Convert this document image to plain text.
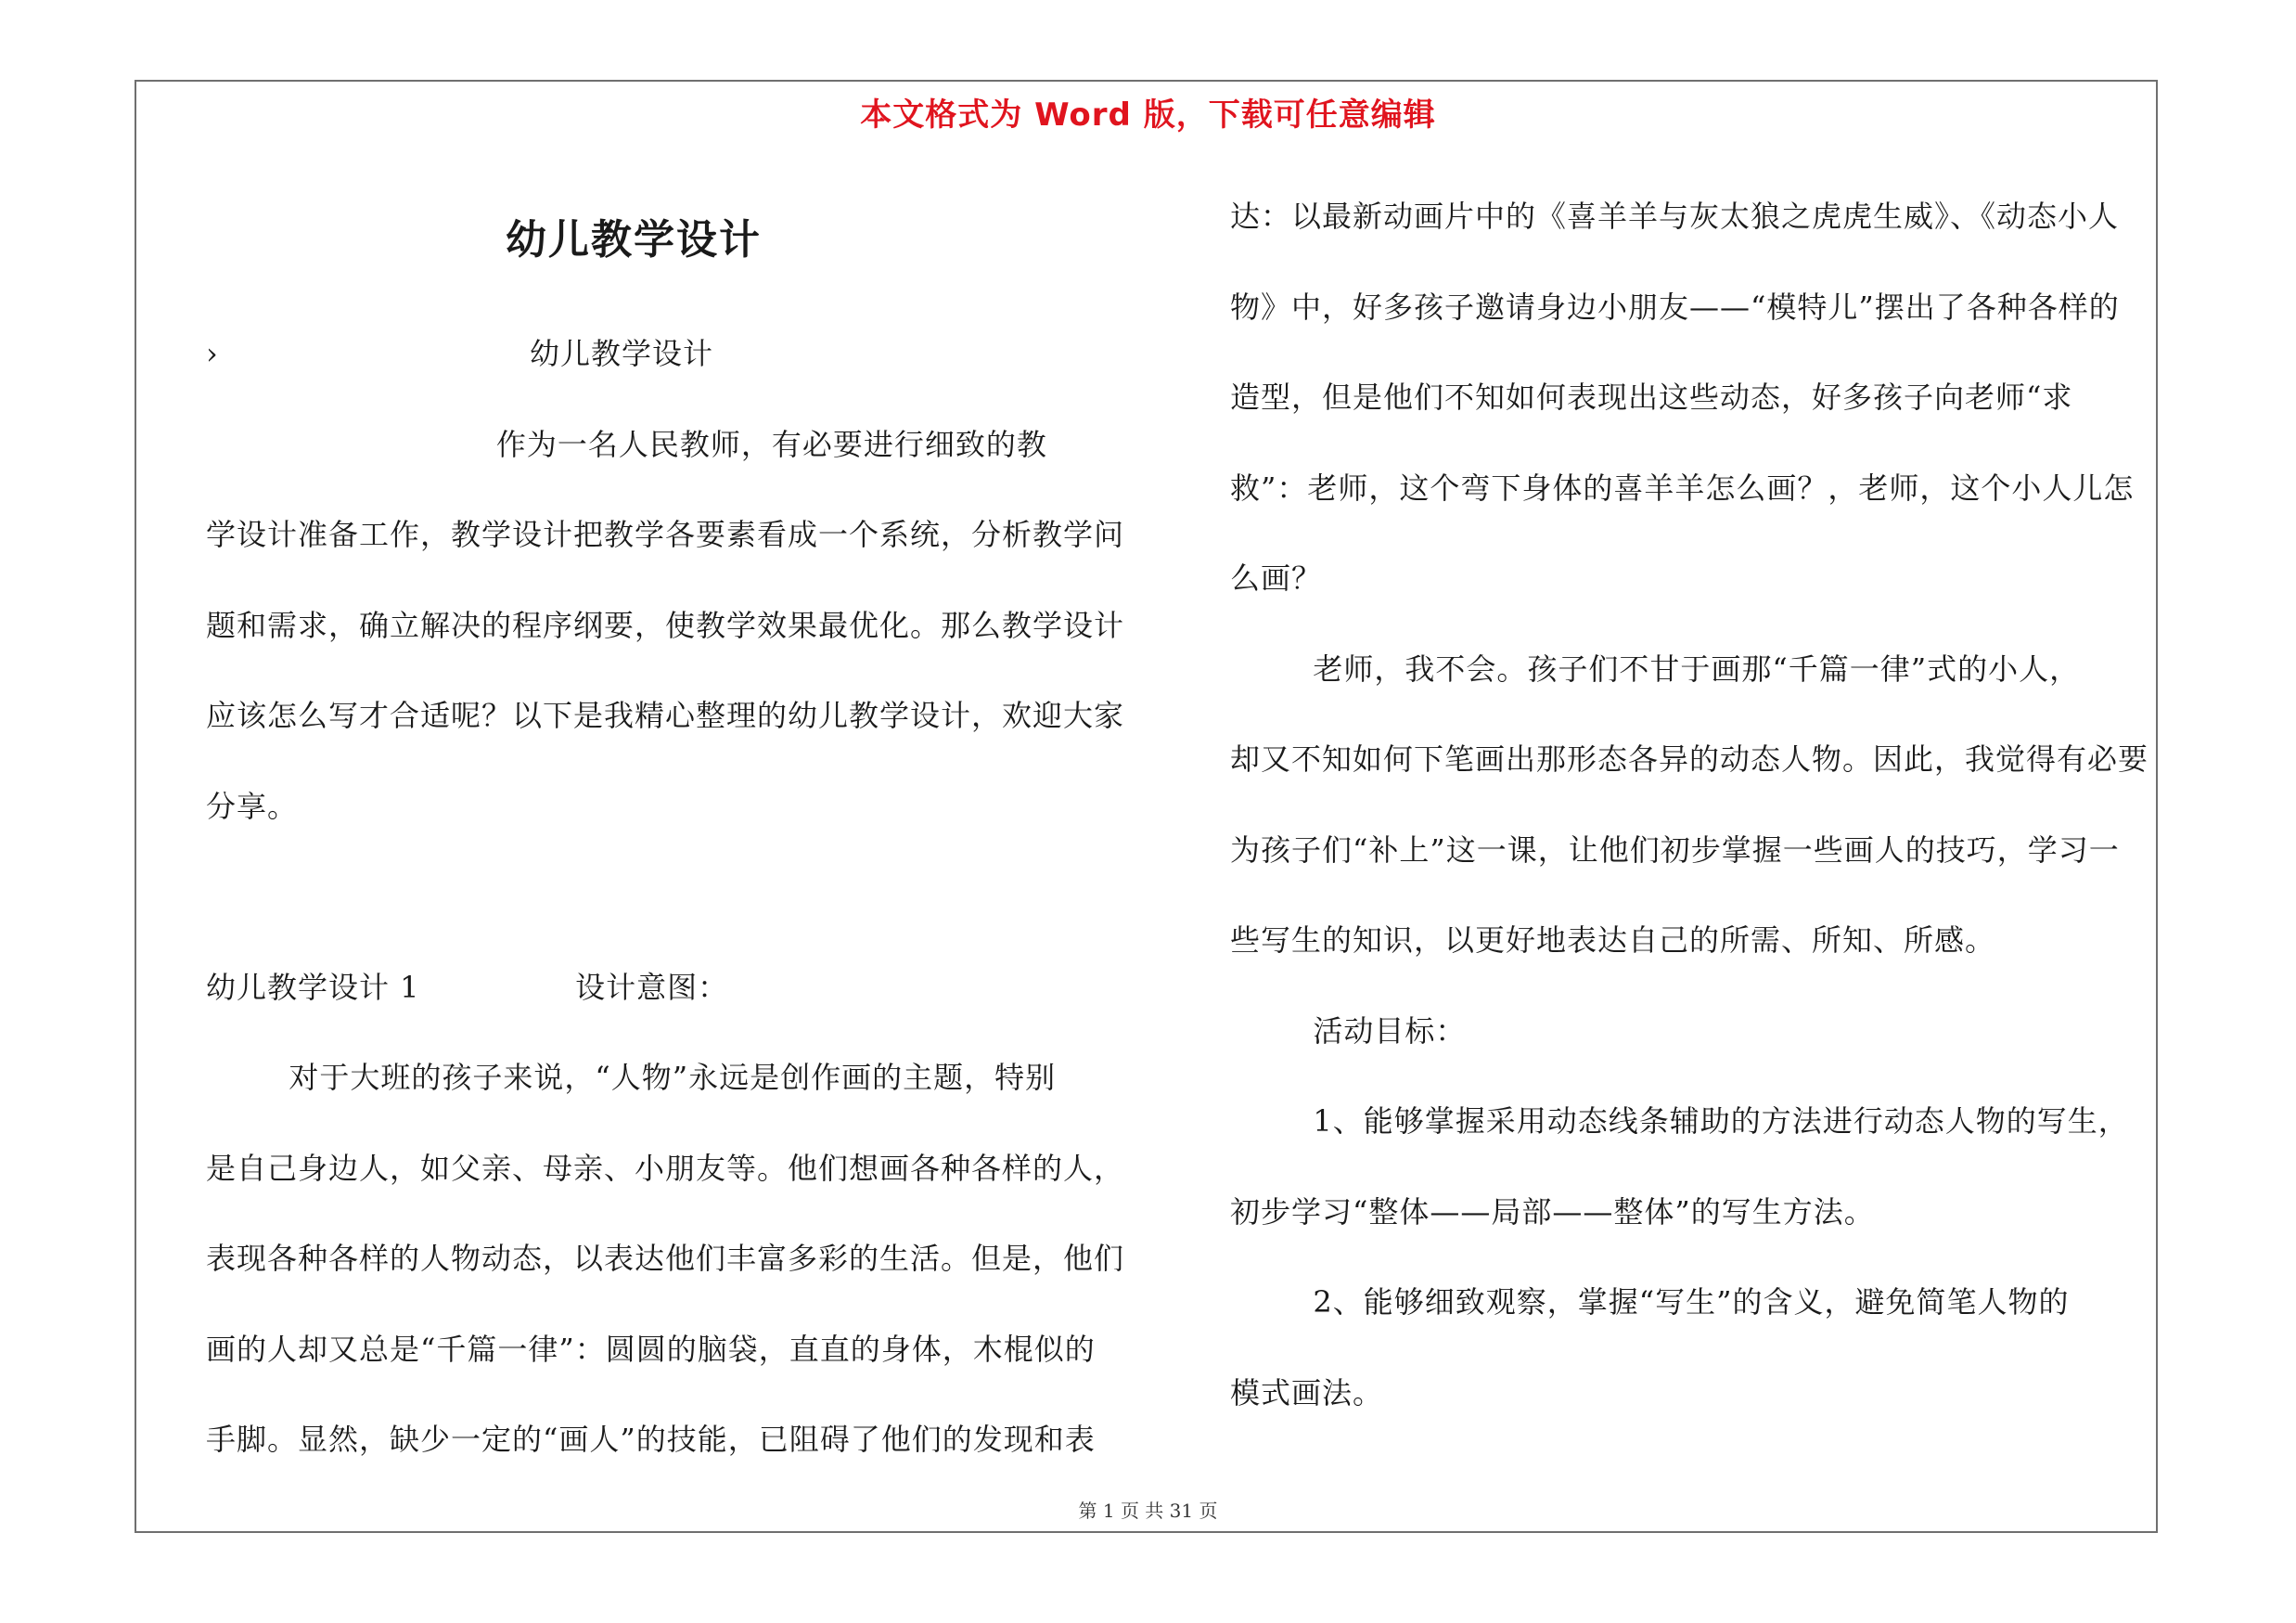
本文格式为 Word 版，下载可任意编辑
幼儿教学设计
›                              幼儿教学设计
作为一名人民教师，有必要进行细致的教
学设计准备工作，教学设计把教学各要素看成一个系统，分析教学问
题和需求，确立解决的程序纲要，使教学效果最优化。那么教学设计
应该怎么写才合适呢？以下是我精心整理的幼儿教学设计，欢迎大家
分享。
幼儿教学设计 1               设计意图：
对于大班的孩子来说，“人物”永远是创作画的主题，特别
是自己身边人，如父亲、母亲、小朋友等。他们想画各种各样的人，
表现各种各样的人物动态，以表达他们丰富多彩的生活。但是，他们
画的人却又总是“千篇一律”：圆圆的脑袋，直直的身体，木棍似的
手脚。显然，缺少一定的“画人”的技能，已阻碍了他们的发现和表
达：以最新动画片中的《喜羊羊与灰太狼之虎虎生威》、《动态小人
物》中，好多孩子邀请身边小朋友——“模特儿”摆出了各种各样的
造型，但是他们不知如何表现出这些动态，好多孩子向老师“求
救”：老师，这个弯下身体的喜羊羊怎么画？，老师，这个小人儿怎
么画？
老师，我不会。孩子们不甘于画那“千篇一律”式的小人，
却又不知如何下笔画出那形态各异的动态人物。因此，我觉得有必要
为孩子们“补上”这一课，让他们初步掌握一些画人的技巧，学习一
些写生的知识，以更好地表达自己的所需、所知、所感。
活动目标：
1、能够掌握采用动态线条辅助的方法进行动态人物的写生，
初步学习“整体——局部——整体”的写生方法。
2、能够细致观察，掌握“写生”的含义，避免简笔人物的
模式画法。
第 1 页 共 31 页
